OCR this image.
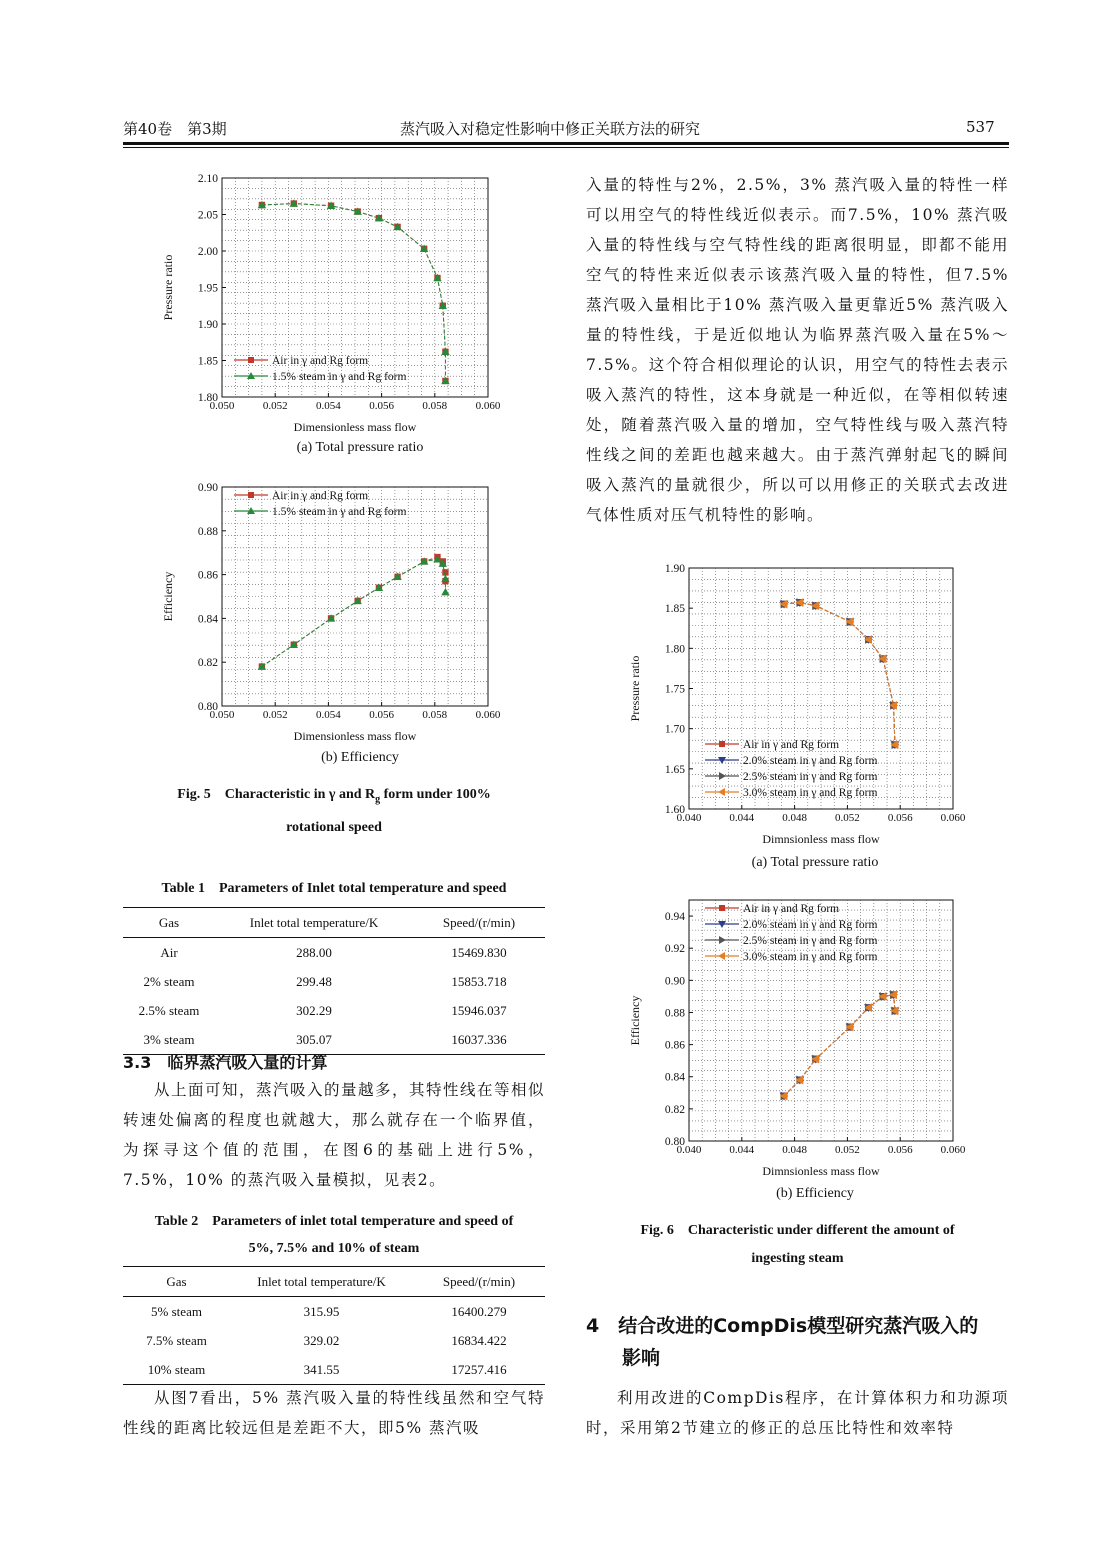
第40卷　第3期	蒸汽吸入对稳定性影响中修正关联方法的研究	537
0.050	0.052	0.054	0.056	0.058	0.060
1.80
1.85
1.90
1.95
2.00
2.05
2.10
Dimensionless mass flow
Pressure ratio
Air in γ and Rg form
1.5% steam in γ and Rg form
(a) Total pressure ratio
0.050	0.052	0.054	0.056	0.058	0.060
0.80
0.82
0.84
0.86
0.88
0.90
Dimensionless mass flow
Efficiency
Air in γ and Rg form
1.5% steam in γ and Rg form
(b) Efficiency
Fig. 5　Characteristic in γ and $R_g$ form under 100%
rotational speed
Table 1　Parameters of Inlet total temperature and speed
Gas	Inlet total temperature/K	Speed/(r/min)
Air	288.00	15469.830
2% steam	299.48	15853.718
2.5% steam	302.29	15946.037
3% steam	305.07	16037.336
3.3　临界蒸汽吸入量的计算
从上面可知，蒸汽吸入的量越多，其特性线在等相似转速处偏离的程度也就越大，那么就存在一个临界值，为探寻这个值的范围，在图6的基础上进行5%，7.5%，10% 的蒸汽吸入量模拟，见表2。
Table 2　Parameters of inlet total temperature and speed of
5%, 7.5% and 10% of steam
Gas	Inlet total temperature/K	Speed/(r/min)
5% steam	315.95	16400.279
7.5% steam	329.02	16834.422
10% steam	341.55	17257.416
从图7看出，5% 蒸汽吸入量的特性线虽然和空气特性线的距离比较远但是差距不大，即5% 蒸汽吸
入量的特性与2%，2.5%，3% 蒸汽吸入量的特性一样可以用空气的特性线近似表示。而7.5%，10% 蒸汽吸入量的特性线与空气特性线的距离很明显，即都不能用空气的特性来近似表示该蒸汽吸入量的特性，但7.5% 蒸汽吸入量相比于10% 蒸汽吸入量更靠近5% 蒸汽吸入量的特性线，于是近似地认为临界蒸汽吸入量在5%～7.5%。这个符合相似理论的认识，用空气的特性去表示吸入蒸汽的特性，这本身就是一种近似，在等相似转速处，随着蒸汽吸入量的增加，空气特性线与吸入蒸汽特性线之间的差距也越来越大。由于蒸汽弹射起飞的瞬间吸入蒸汽的量就很少，所以可以用修正的关联式去改进气体性质对压气机特性的影响。
0.040	0.044	0.048	0.052	0.056	0.060
1.60
1.65
1.70
1.75
1.80
1.85
1.90
Dimnsionless mass flow
Pressure ratio
Air in γ and Rg form
2.0% steam in γ and Rg form
2.5% steam in γ and Rg form
3.0% steam in γ and Rg form
(a) Total pressure ratio
0.040	0.044	0.048	0.052	0.056	0.060
0.80
0.82
0.84
0.86
0.88
0.90
0.92
0.94
Dimnsionless mass flow
Efficiency
Air in γ and Rg form
2.0% steam in γ and Rg form
2.5% steam in γ and Rg form
3.0% steam in γ and Rg form
(b) Efficiency
Fig. 6　Characteristic under different the amount of
ingesting steam
4　结合改进的CompDis模型研究蒸汽吸入的
影响
利用改进的CompDis程序，在计算体积力和功源项时，采用第2节建立的修正的总压比特性和效率特
